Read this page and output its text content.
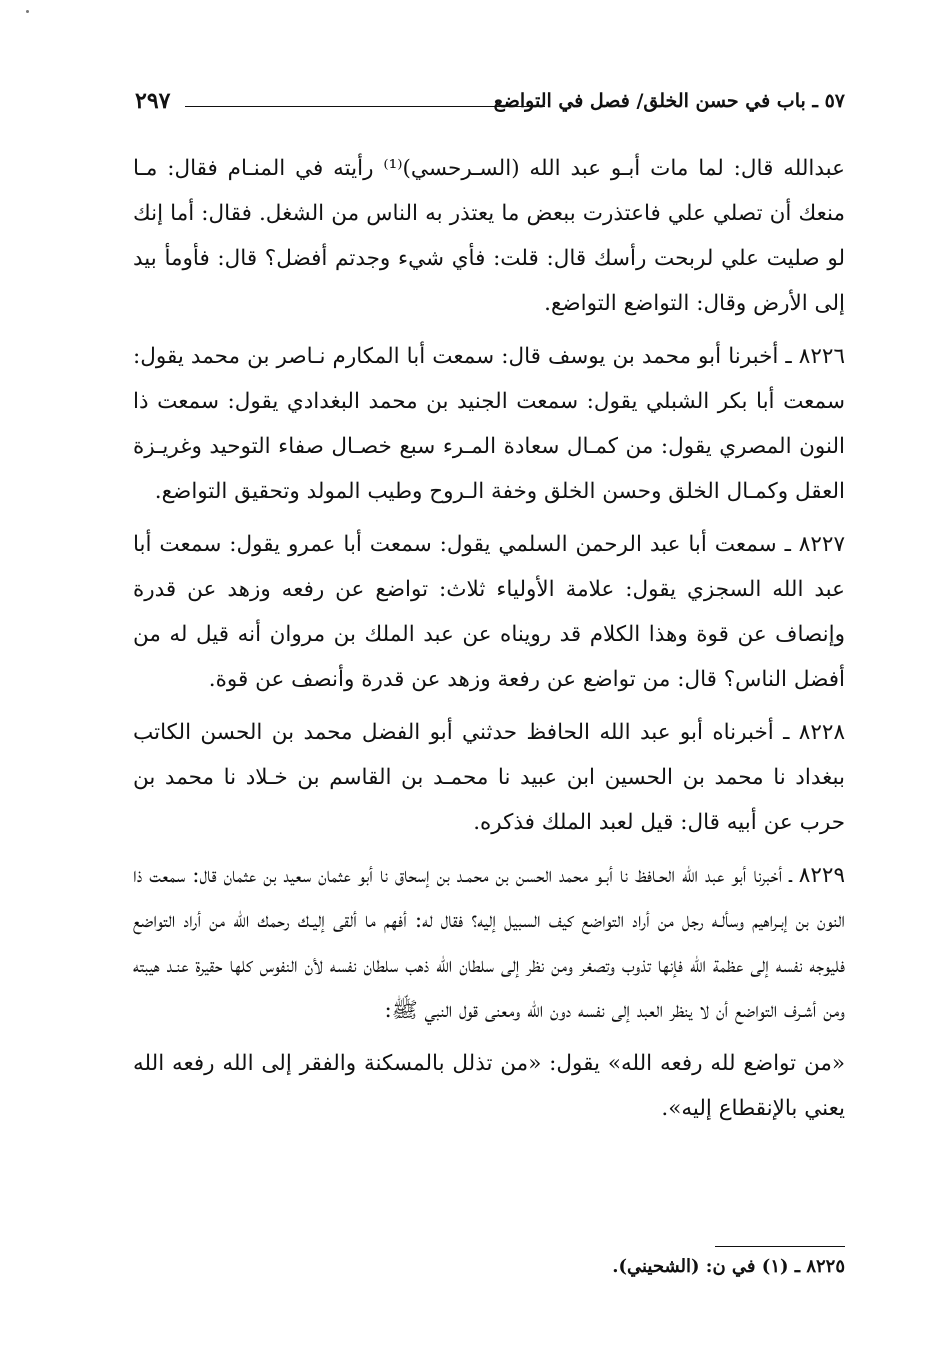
٥٧ ـ باب في حسن الخلق/ فصل في التواضع
٢٩٧

عبدالله قال: لما مات أبـو عبد الله (السـرحسي)⁽¹⁾ رأيته في المنـام فقال: مـا منعك أن تصلي علي فاعتذرت ببعض ما يعتذر به الناس من الشغل. فقال: أما إنك لو صليت علي لربحت رأسك قال: قلت: فأي شيء وجدتم أفضل؟ قال: فأومأ بيد إلى الأرض وقال: التواضع التواضع.

٨٢٢٦ ـ أخبرنا أبو محمد بن يوسف قال: سمعت أبا المكارم نـاصر بن محمد يقول: سمعت أبا بكر الشبلي يقول: سمعت الجنيد بن محمد البغدادي يقول: سمعت ذا النون المصري يقول: من كمـال سعادة المـرء سبع خصـال صفاء التوحيد وغريـزة العقل وكمـال الخلق وحسن الخلق وخفة الـروح وطيب المولد وتحقيق التواضع.

٨٢٢٧ ـ سمعت أبا عبد الرحمن السلمي يقول: سمعت أبا عمرو يقول: سمعت أبا عبد الله السجزي يقول: علامة الأولياء ثلاث: تواضع عن رفعه وزهد عن قدرة وإنصاف عن قوة وهذا الكلام قد رويناه عن عبد الملك بن مروان أنه قيل له من أفضل الناس؟ قال: من تواضع عن رفعة وزهد عن قدرة وأنصف عن قوة.

٨٢٢٨ ـ أخبرناه أبو عبد الله الحافظ حدثني أبو الفضل محمد بن الحسن الكاتب ببغداد نا محمد بن الحسين ابن عبيد نا محمـد بن القاسم بن خـلاد نا محمد بن حرب عن أبيه قال: قيل لعبد الملك فذكره.

٨٢٢٩ ـ أخبرنا أبو عبد الله الحـافظ نا أبـو محمد الحسن بن محمـد بن إسحاق نا أبو عثمان سعيد بن عثمان قال: سمعت ذا النون بن إبـراهيم وسألـه رجل من أراد التواضع كيف السبيل إليه؟ فقال له: أفهم ما ألقى إليـك رحمك الله من أراد التواضع فليوجه نفسه إلى عظمة الله فإنها تذوب وتصغر ومن نظر إلى سلطان الله ذهب سلطان نفسه لأن النفوس كلها حقيرة عنـد هيبته ومن أشـرف التواضع أن لا ينظر العبد إلى نفسه دون الله ومعنى قول النبي ﷺ:

«من تواضع لله رفعه الله» يقول: «من تذلل بالمسكنة والفقر إلى الله رفعه الله يعني بالإنقطاع إليه».

٨٢٢٥ ـ (١) في ن: (الشحيني).
